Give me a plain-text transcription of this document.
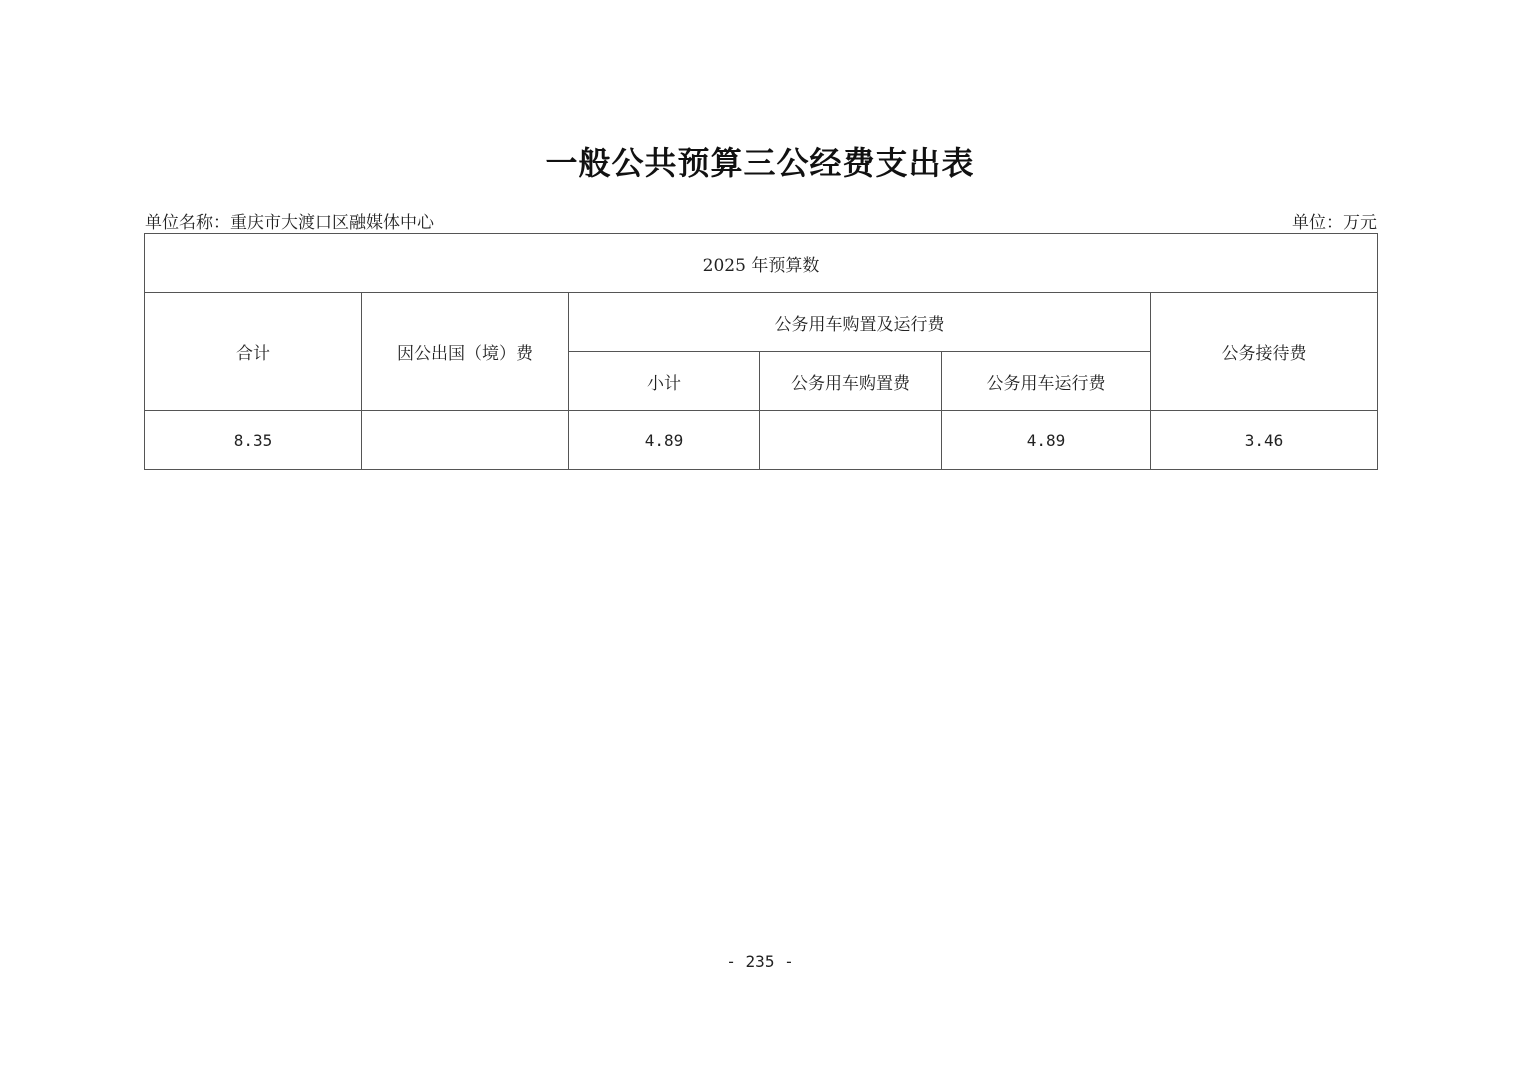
一般公共预算三公经费支出表
单位名称：重庆市大渡口区融媒体中心	单位：万元
2025 年预算数					
合计	因公出国（境）费	公务用车购置及运行费			公务接待费
		小计	公务用车购置费	公务用车运行费	
8.35		4.89		4.89	3.46
- 235 -
